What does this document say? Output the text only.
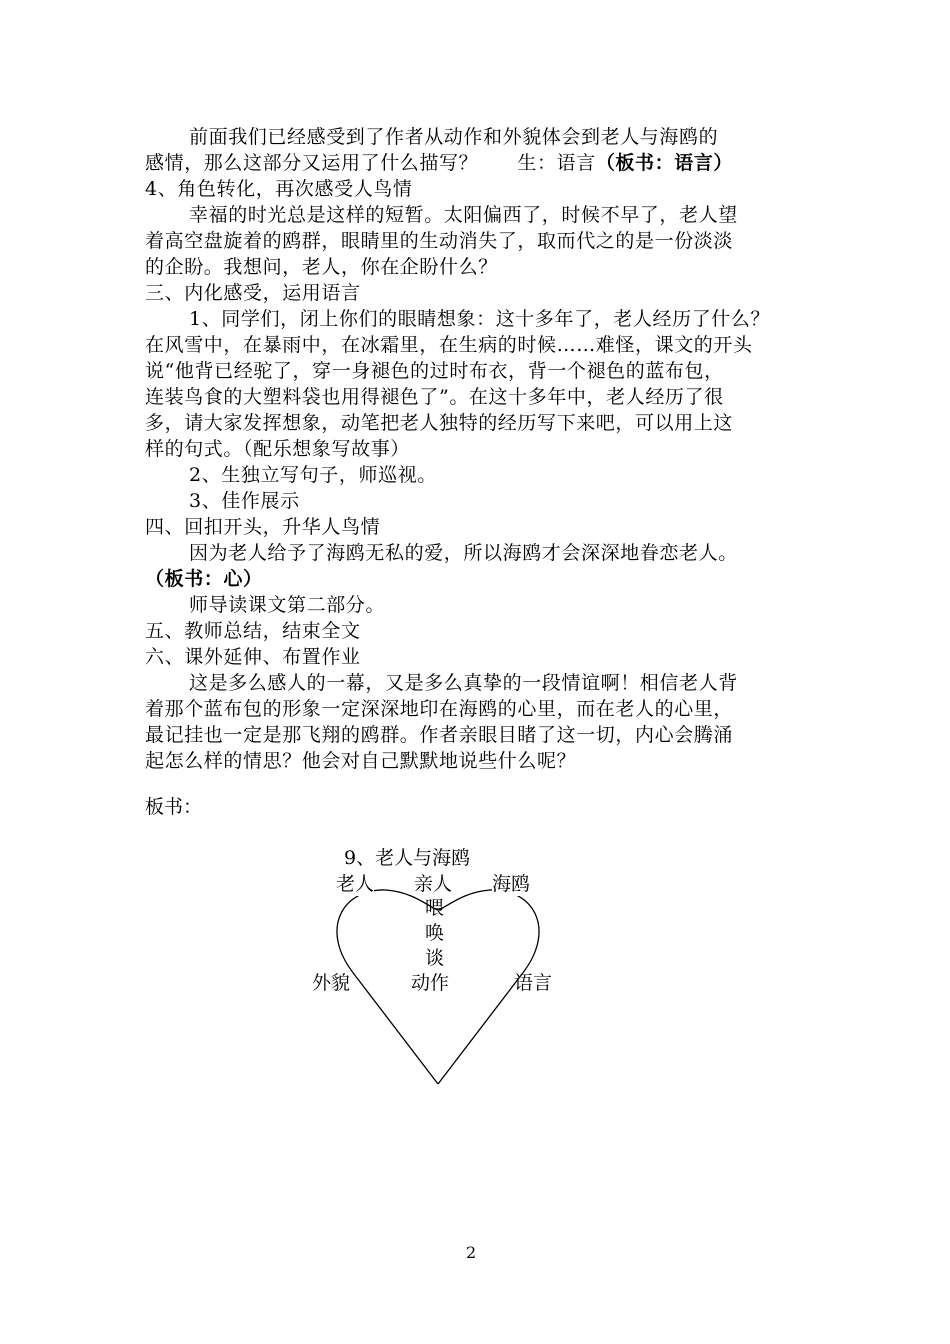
前面我们已经感受到了作者从动作和外貌体会到老人与海鸥的
感情，那么这部分又运用了什么描写？　　生：语言（板书：语言）
4、角色转化，再次感受人鸟情
幸福的时光总是这样的短暂。太阳偏西了，时候不早了，老人望
着高空盘旋着的鸥群，眼睛里的生动消失了，取而代之的是一份淡淡
的企盼。我想问，老人，你在企盼什么？
三、内化感受，运用语言
1、同学们，闭上你们的眼睛想象：这十多年了，老人经历了什么？
在风雪中，在暴雨中，在冰霜里，在生病的时候……难怪，课文的开头
说“他背已经驼了，穿一身褪色的过时布衣，背一个褪色的蓝布包，
连装鸟食的大塑料袋也用得褪色了”。在这十多年中，老人经历了很
多，请大家发挥想象，动笔把老人独特的经历写下来吧，可以用上这
样的句式。（配乐想象写故事）
2、生独立写句子，师巡视。
3、佳作展示
四、回扣开头，升华人鸟情
因为老人给予了海鸥无私的爱，所以海鸥才会深深地眷恋老人。
（板书：心）
师导读课文第二部分。
五、教师总结，结束全文
六、课外延伸、布置作业
这是多么感人的一幕，又是多么真挚的一段情谊啊！相信老人背
着那个蓝布包的形象一定深深地印在海鸥的心里，而在老人的心里，
最记挂也一定是那飞翔的鸥群。作者亲眼目睹了这一切，内心会腾涌
起怎么样的情思？他会对自己默默地说些什么呢？
板书：
9、老人与海鸥
老人 亲人 海鸥
喂
唤
谈
外貌	动作	语言
2
